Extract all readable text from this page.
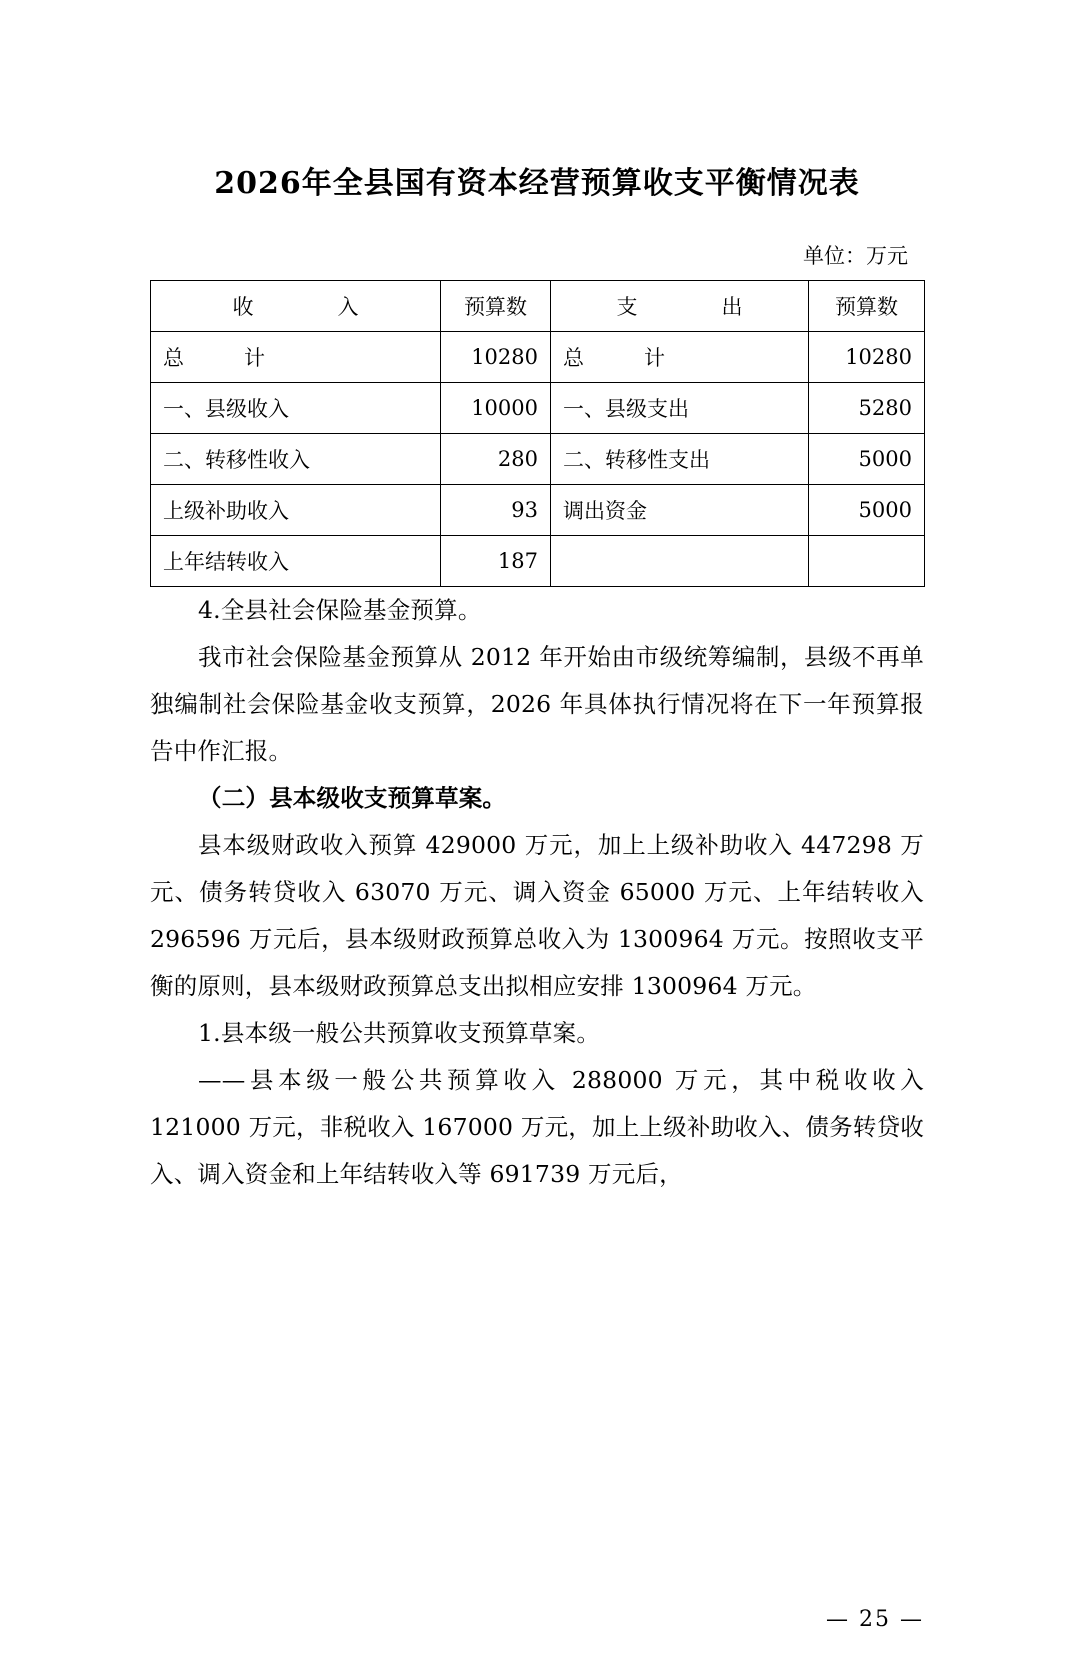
2026年全县国有资本经营预算收支平衡情况表
单位：万元
收　　入	预算数	支　　出	预算数
总　　计	10280	总　　计	10280
一、县级收入	10000	一、县级支出	5280
二、转移性收入	280	二、转移性支出	5000
上级补助收入	93	调出资金	5000
上年结转收入	187		

4.全县社会保险基金预算。

我市社会保险基金预算从 2012 年开始由市级统筹编制，县级不再单独编制社会保险基金收支预算，2026 年具体执行情况将在下一年预算报告中作汇报。

（二）县本级收支预算草案。

县本级财政收入预算 429000 万元，加上上级补助收入 447298 万元、债务转贷收入 63070 万元、调入资金 65000 万元、上年结转收入 296596 万元后，县本级财政预算总收入为 1300964 万元。按照收支平衡的原则，县本级财政预算总支出拟相应安排 1300964 万元。

1.县本级一般公共预算收支预算草案。

——县本级一般公共预算收入 288000 万元，其中税收收入 121000 万元，非税收入 167000 万元，加上上级补助收入、债务转贷收入、调入资金和上年结转收入等 691739 万元后，

— 25 —
